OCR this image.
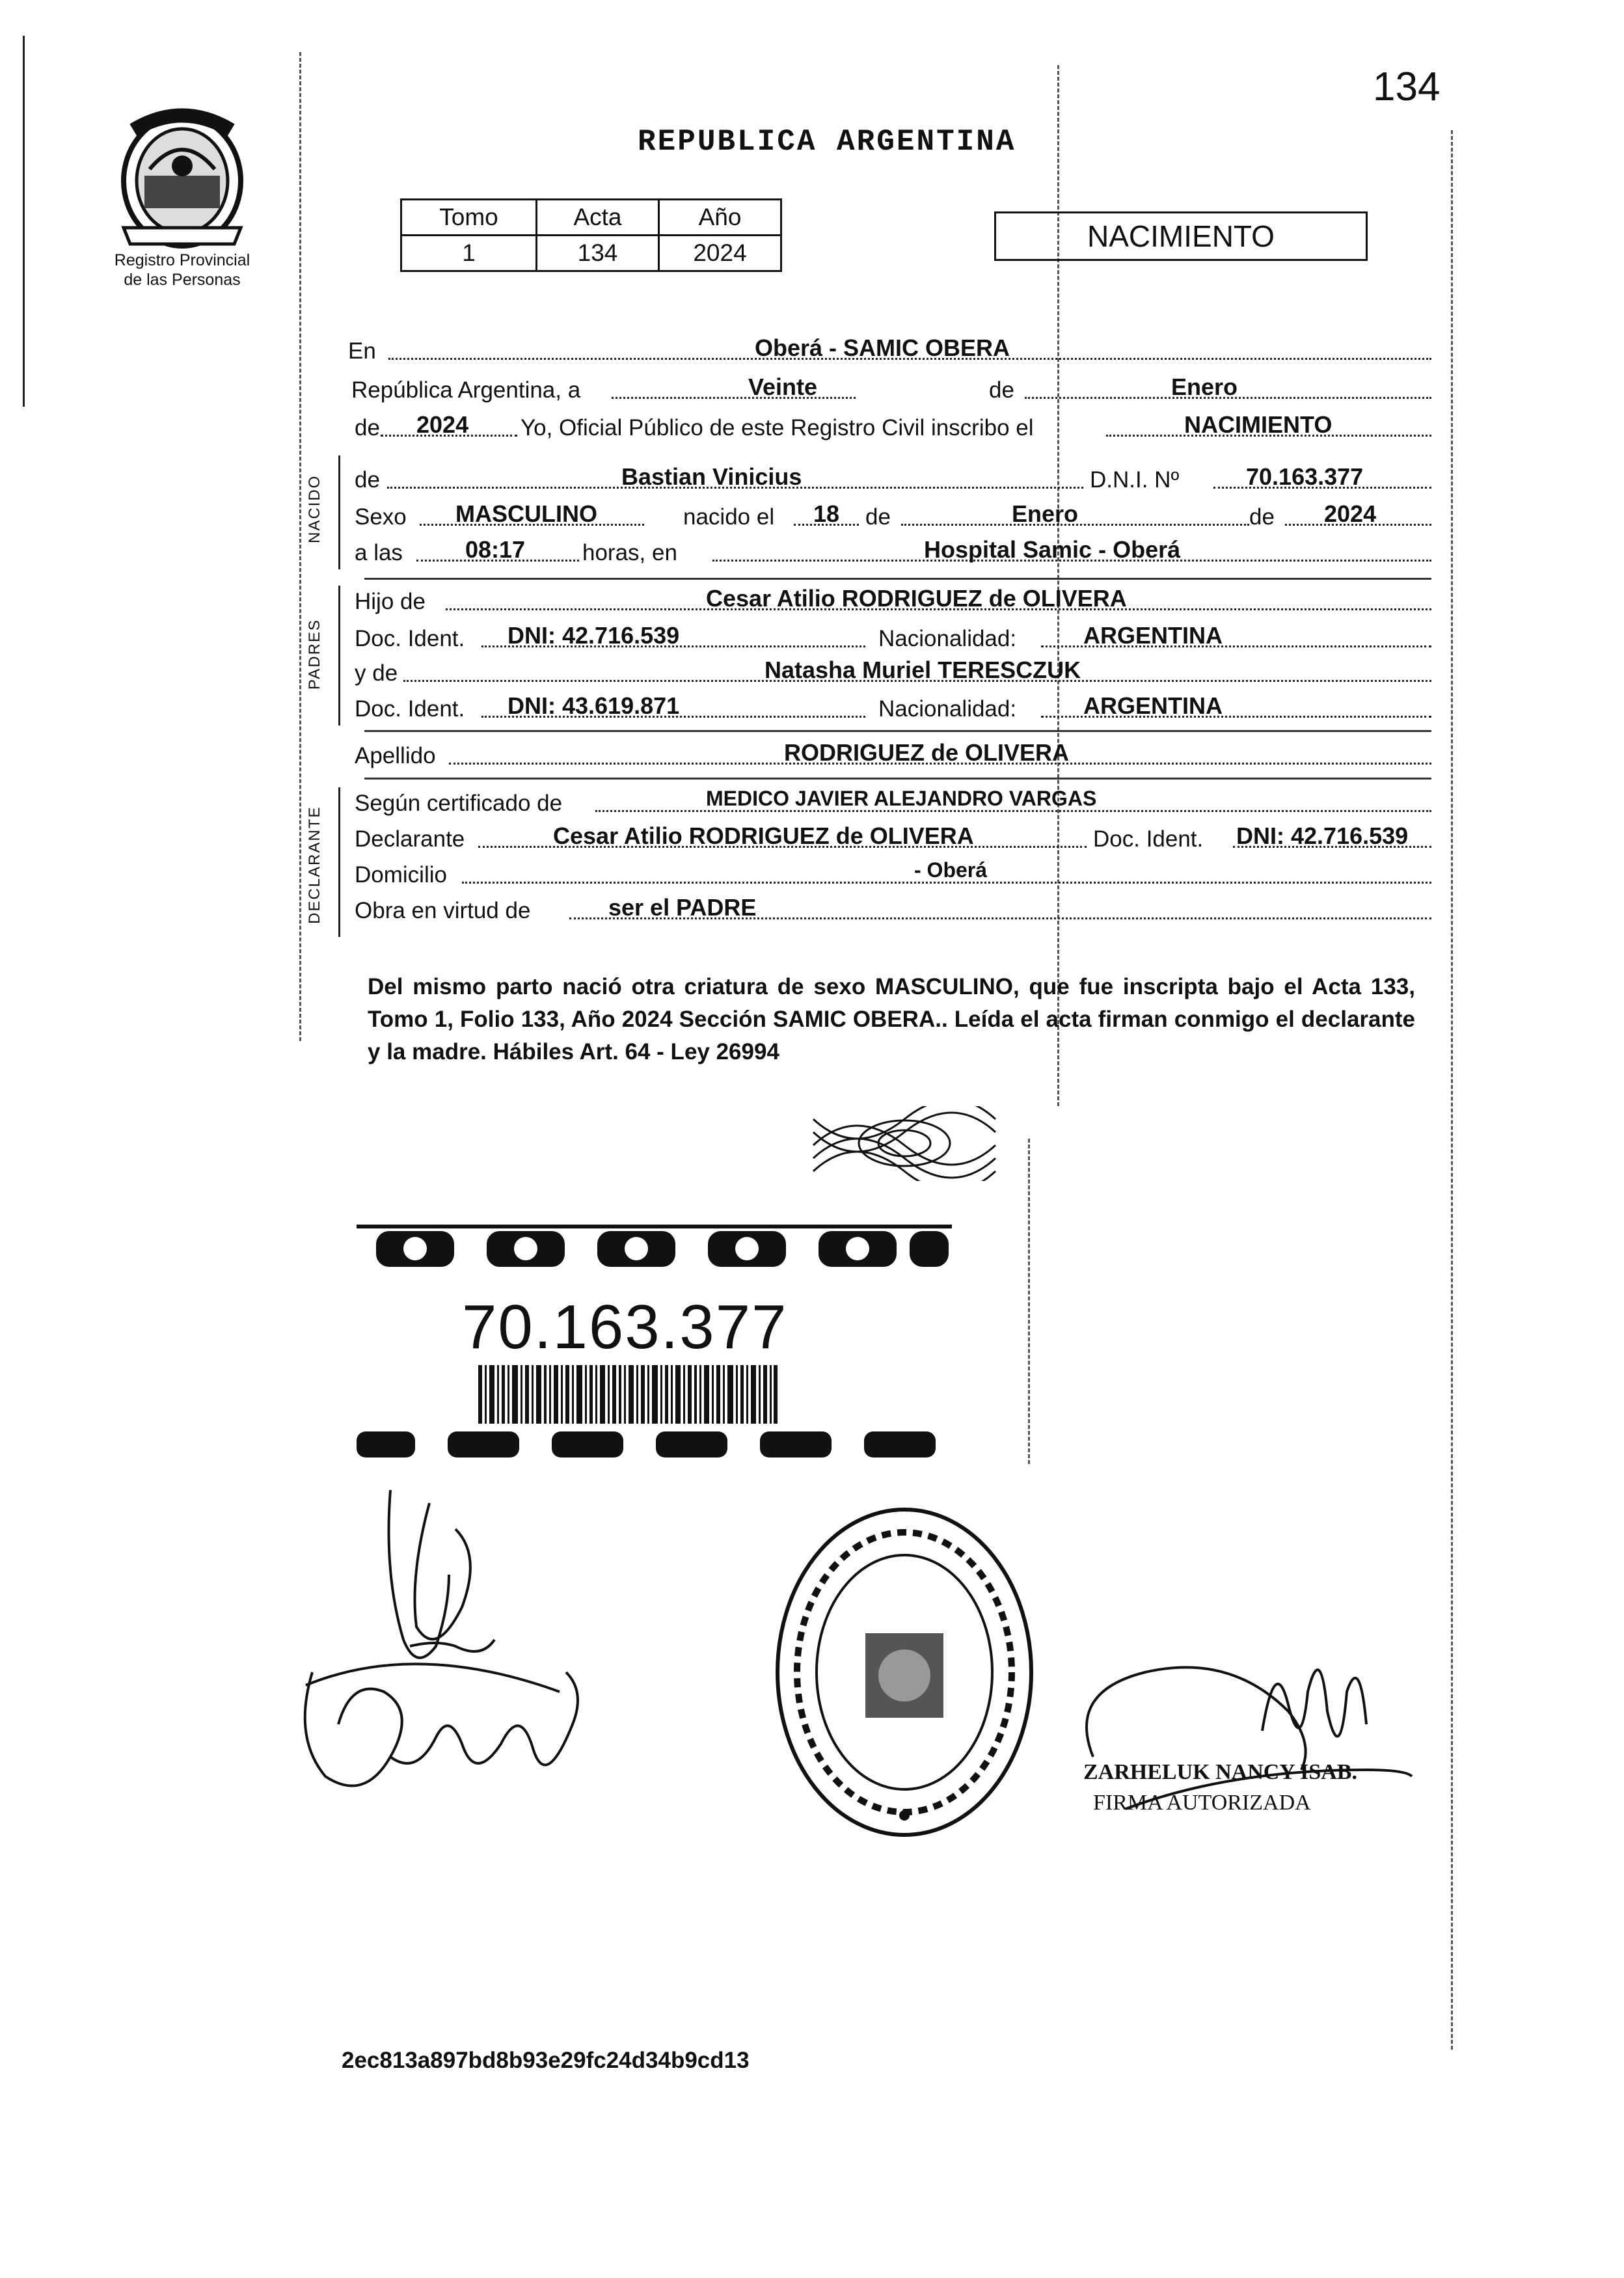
134
Registro Provincial
de las Personas
REPUBLICA ARGENTINA
Tomo	Acta	Año
1	134	2024	NACIMIENTO
En	Oberá - SAMIC OBERA
República Argentina, a	Veinte	de	Enero
de 2024 Yo, Oficial Público de este Registro Civil inscribo el	NACIMIENTO
NACIDO de	Bastian Vinicius	D.N.I. Nº	70.163.377
Sexo MASCULINO	nacido el 18 de	Enero	de 2024
a las	08:17	horas, en	Hospital Samic - Oberá
PADRES
Hijo de	Cesar Atilio RODRIGUEZ de OLIVERA
Doc. Ident. DNI: 42.716.539	Nacionalidad:	ARGENTINA
y de	Natasha Muriel TERESCZUK
Doc. Ident. DNI: 43.619.871	Nacionalidad:	ARGENTINA
Apellido	RODRIGUEZ de OLIVERA
DECLARANTE
Según certificado de	MEDICO JAVIER ALEJANDRO VARGAS
Declarante	Cesar Atilio RODRIGUEZ de OLIVERA	Doc. Ident. DNI: 42.716.539
Domicilio	- Oberá
Obra en virtud de	ser el PADRE
Del mismo parto nació otra criatura de sexo MASCULINO, que fue inscripta bajo el Acta 133, Tomo 1, Folio 133, Año 2024 Sección SAMIC OBERA.. Leída el acta firman conmigo el declarante y la madre. Hábiles Art. 64 - Ley 26994
70.163.377
ZARHELUK NANCY ISAB.
FIRMA AUTORIZADA
2ec813a897bd8b93e29fc24d34b9cd13
